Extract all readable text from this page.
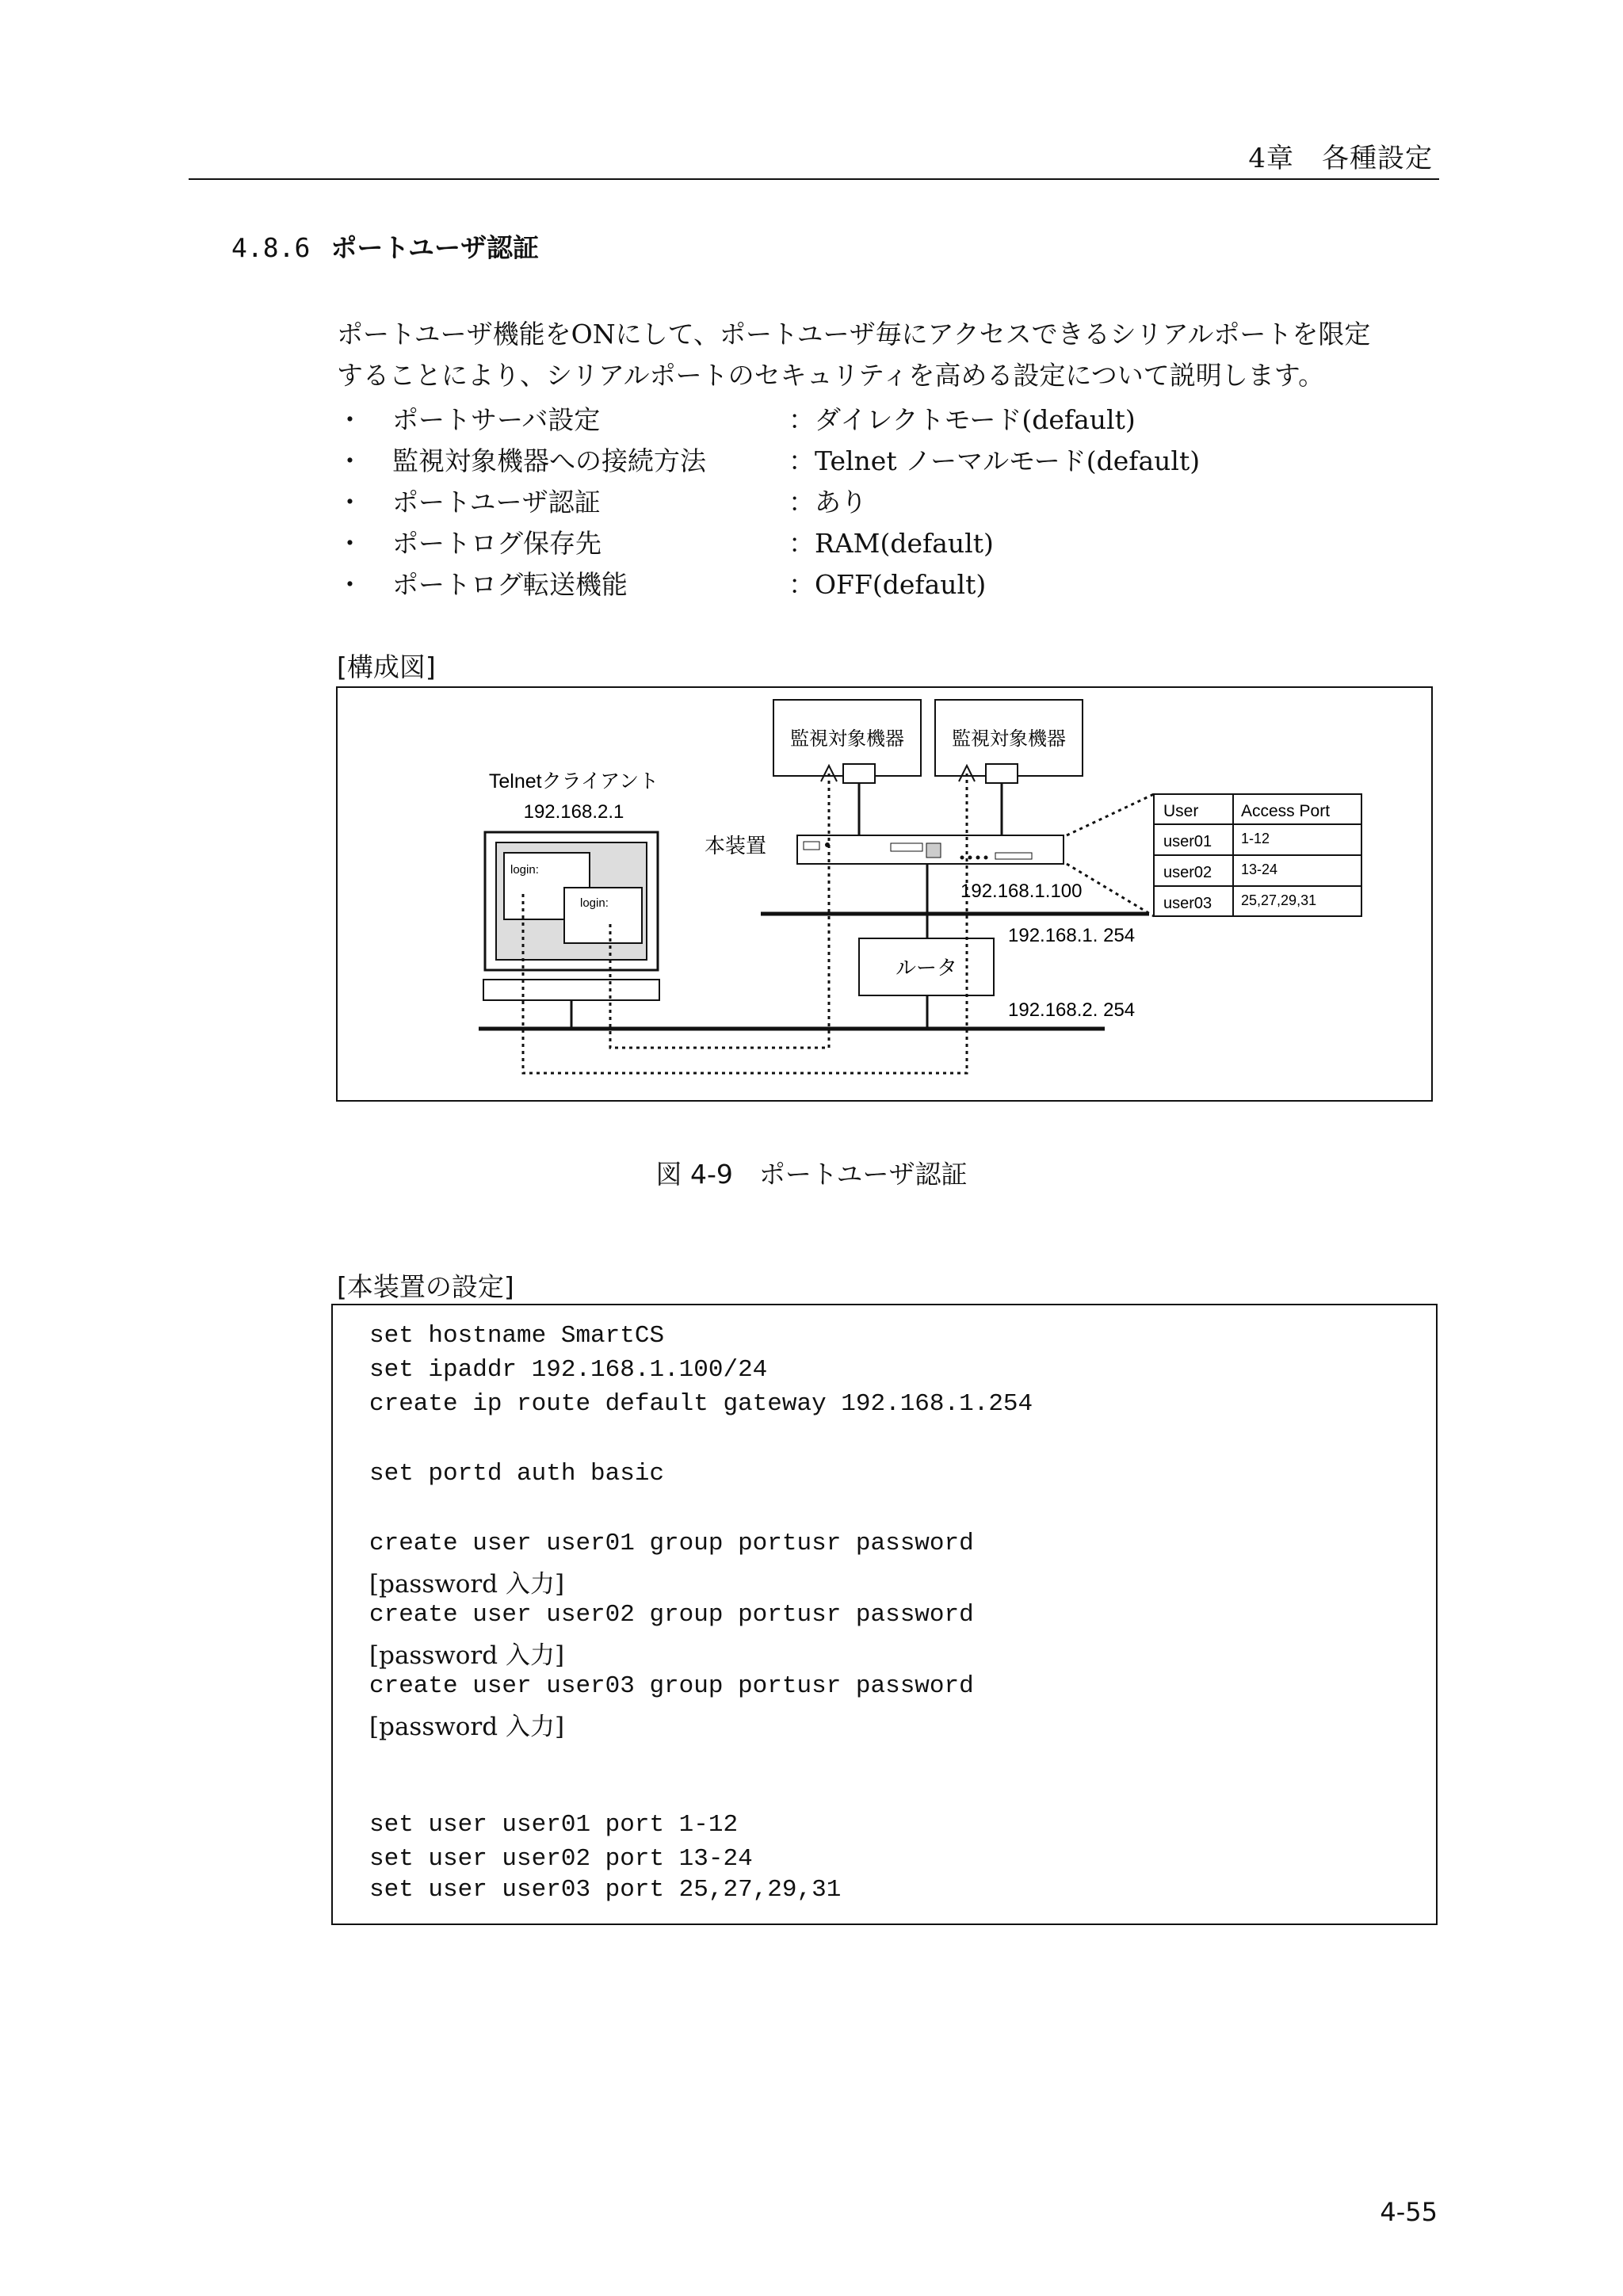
4章　各種設定
4.8.6 ポートユーザ認証
ポートユーザ機能をONにして、ポートユーザ毎にアクセスできるシリアルポートを限定
することにより、シリアルポートのセキュリティを高める設定について説明します。
・ ポートサーバ設定	：ダイレクトモード(default)
・ 監視対象機器への接続方法	：Telnet ノーマルモード(default)
・ ポートユーザ認証	：あり
・ ポートログ保存先	：RAM(default)
・ ポートログ転送機能	：OFF(default)
[構成図]
監視対象機器	監視対象機器
本装置
192.168.1.100
ルータ
192.168.1. 254
192.168.2. 254
Telnetクライアント
192.168.2.1
login:
login:
User	Access Port
user01 1-12
user02 13-24
user03 25,27,29,31
図 4-9　ポートユーザ認証
[本装置の設定]
set hostname SmartCS
set ipaddr 192.168.1.100/24
create ip route default gateway 192.168.1.254
set portd auth basic
create user user01 group portusr password
[password 入力]
create user user02 group portusr password
[password 入力]
create user user03 group portusr password
[password 入力]
set user user01 port 1-12
set user user02 port 13-24
set user user03 port 25,27,29,31
4-55
